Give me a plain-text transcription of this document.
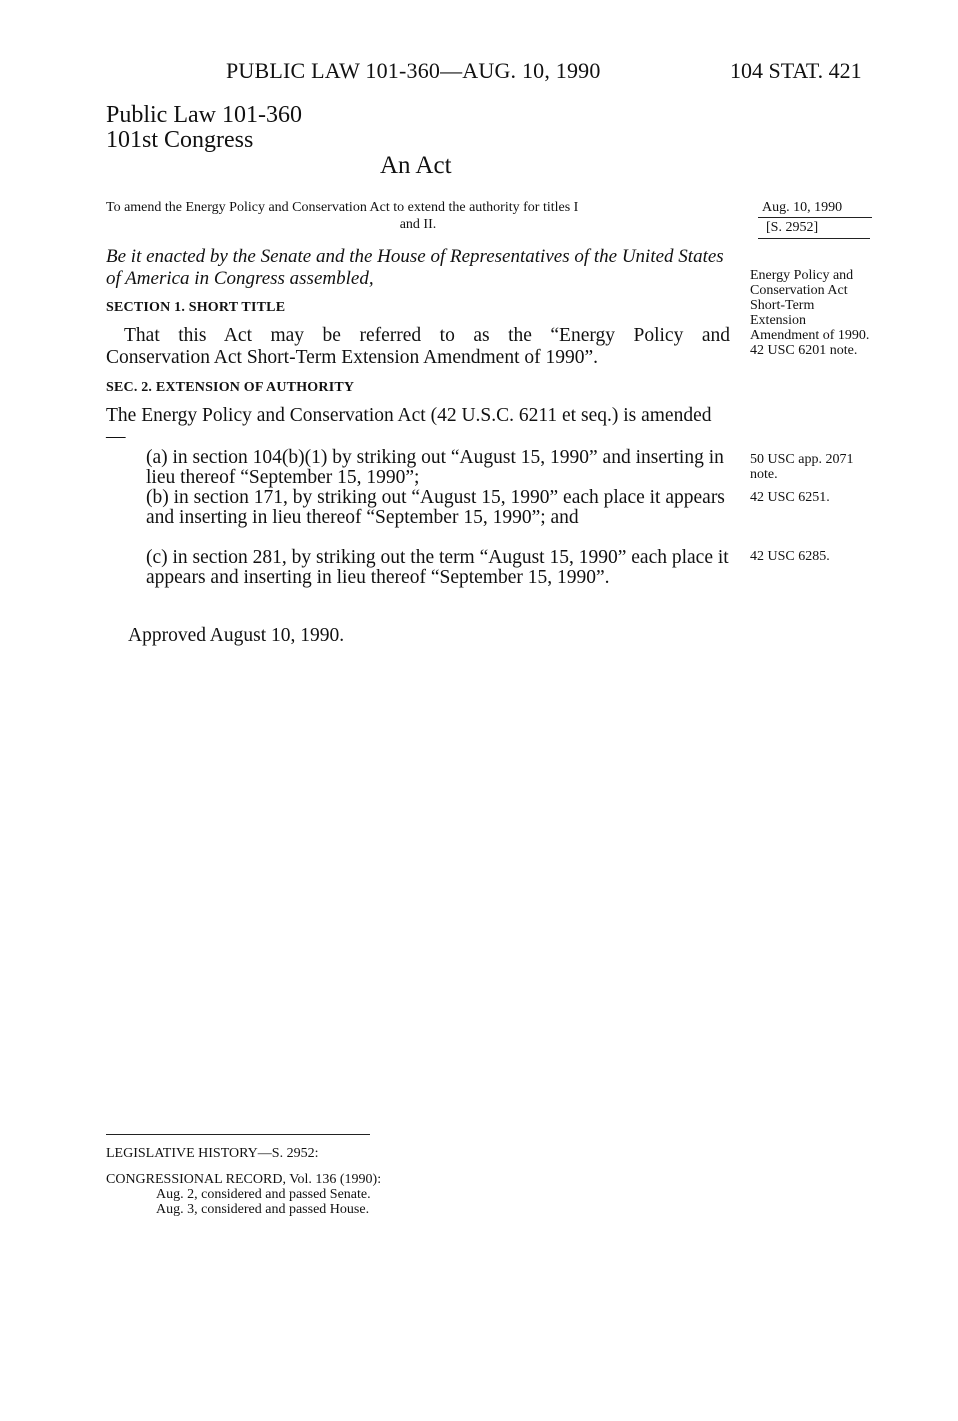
PUBLIC LAW 101-360—AUG. 10, 1990	104 STAT. 421
Public Law 101-360
101st Congress
An Act
To amend the Energy Policy and Conservation Act to extend the authority for titles I
and II.
Aug. 10, 1990
[S. 2952]
Be it enacted by the Senate and the House of Representatives of the United States of America in Congress assembled,
SECTION 1. SHORT TITLE
That this Act may be referred to as the “Energy Policy and
Conservation Act Short-Term Extension Amendment of 1990”.
SEC. 2. EXTENSION OF AUTHORITY
The Energy Policy and Conservation Act (42 U.S.C. 6211 et seq.) is amended—
(a) in section 104(b)(1) by striking out “August 15, 1990” and inserting in lieu thereof “September 15, 1990”;
(b) in section 171, by striking out “August 15, 1990” each place it appears and inserting in lieu thereof “September 15, 1990”; and
(c) in section 281, by striking out the term “August 15, 1990” each place it appears and inserting in lieu thereof “September 15, 1990”.
Energy Policy and Conservation Act Short-Term Extension Amendment of 1990. 42 USC 6201 note.
50 USC app. 2071 note.
42 USC 6251.
42 USC 6285.
Approved August 10, 1990.
LEGISLATIVE HISTORY—S. 2952:
CONGRESSIONAL RECORD, Vol. 136 (1990):
Aug. 2, considered and passed Senate.
Aug. 3, considered and passed House.
